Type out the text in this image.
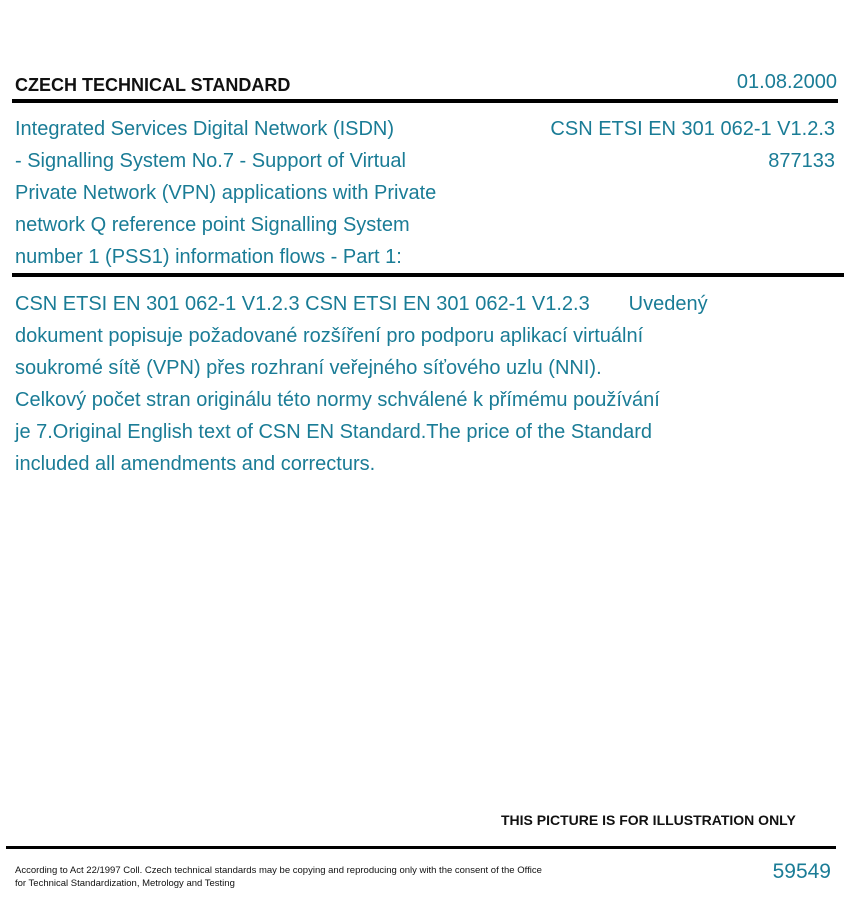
CZECH TECHNICAL STANDARD	01.08.2000
Integrated Services Digital Network (ISDN)
- Signalling System No.7 - Support of Virtual
Private Network (VPN) applications with Private
network Q reference point Signalling System
number 1 (PSS1) information flows - Part 1:
CSN ETSI EN 301 062-1 V1.2.3
877133
CSN ETSI EN 301 062-1 V1.2.3 CSN ETSI EN 301 062-1 V1.2.3       Uvedený
dokument popisuje požadované rozšíření pro podporu aplikací virtuální
soukromé sítě (VPN) přes rozhraní veřejného síťového uzlu (NNI).
Celkový počet stran originálu této normy schválené k přímému používání
je 7.Original English text of CSN EN Standard.The price of the Standard
included all amendments and correcturs.
THIS PICTURE IS FOR ILLUSTRATION ONLY
According to Act 22/1997 Coll. Czech technical standards may be copying and reproducing only with the consent of the Office
for Technical Standardization, Metrology and Testing
59549
